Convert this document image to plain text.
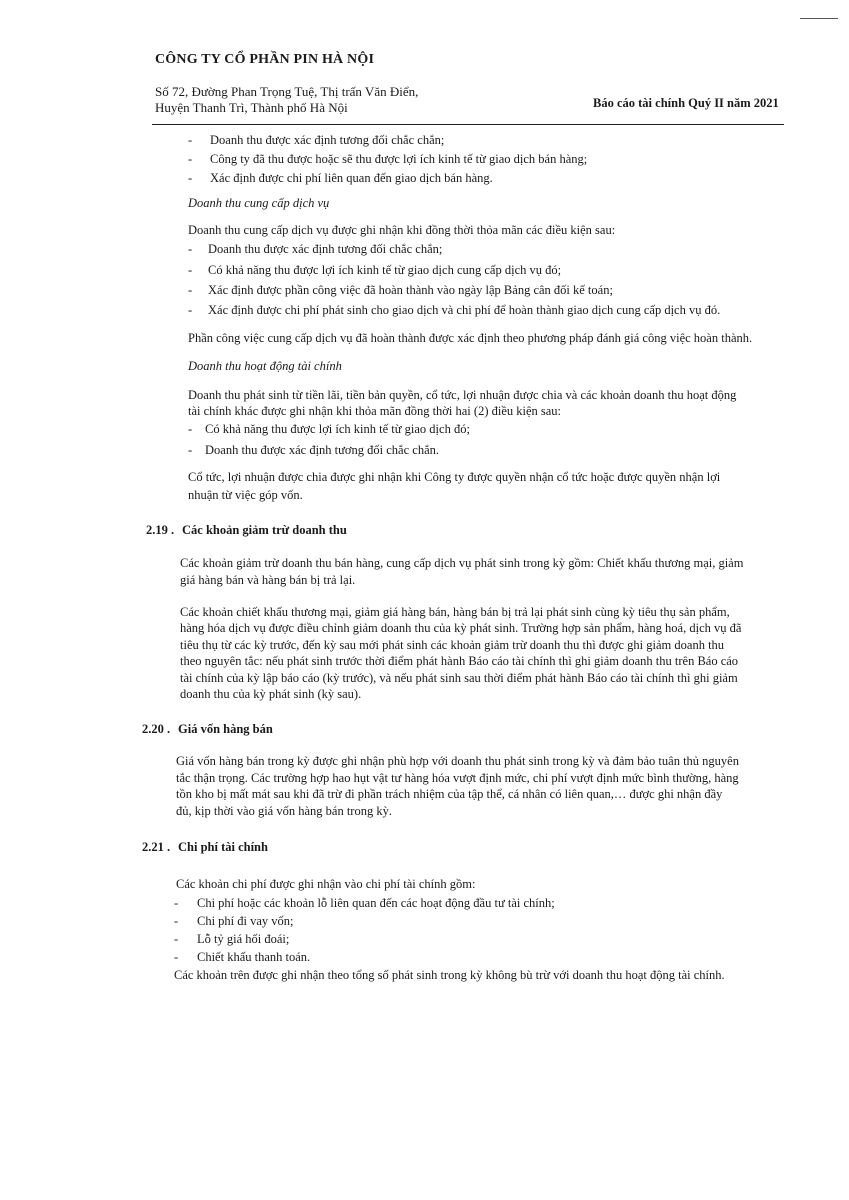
CÔNG TY CỔ PHẦN PIN HÀ NỘI
Số 72, Đường Phan Trọng Tuệ, Thị trấn Văn Điển,
Huyện Thanh Trì, Thành phố Hà Nội	Báo cáo tài chính Quý II năm 2021
- Doanh thu được xác định tương đối chắc chắn;
- Công ty đã thu được hoặc sẽ thu được lợi ích kinh tế từ giao dịch bán hàng;
- Xác định được chi phí liên quan đến giao dịch bán hàng.
Doanh thu cung cấp dịch vụ
Doanh thu cung cấp dịch vụ được ghi nhận khi đồng thời thỏa mãn các điều kiện sau:
- Doanh thu được xác định tương đối chắc chắn;
- Có khả năng thu được lợi ích kinh tế từ giao dịch cung cấp dịch vụ đó;
- Xác định được phần công việc đã hoàn thành vào ngày lập Bảng cân đối kế toán;
- Xác định được chi phí phát sinh cho giao dịch và chi phí để hoàn thành giao dịch cung cấp dịch vụ đó.
Phần công việc cung cấp dịch vụ đã hoàn thành được xác định theo phương pháp đánh giá công việc hoàn thành.
Doanh thu hoạt động tài chính
Doanh thu phát sinh từ tiền lãi, tiền bản quyền, cổ tức, lợi nhuận được chia và các khoản doanh thu hoạt động
tài chính khác được ghi nhận khi thỏa mãn đồng thời hai (2) điều kiện sau:
- Có khả năng thu được lợi ích kinh tế từ giao dịch đó;
- Doanh thu được xác định tương đối chắc chắn.
Cổ tức, lợi nhuận được chia được ghi nhận khi Công ty được quyền nhận cổ tức hoặc được quyền nhận lợi
nhuận từ việc góp vốn.
2.19 . Các khoản giảm trừ doanh thu
Các khoản giảm trừ doanh thu bán hàng, cung cấp dịch vụ phát sinh trong kỳ gồm: Chiết khấu thương mại, giảm
giá hàng bán và hàng bán bị trả lại.
Các khoản chiết khấu thương mại, giảm giá hàng bán, hàng bán bị trả lại phát sinh cùng kỳ tiêu thụ sản phẩm,
hàng hóa dịch vụ được điều chỉnh giảm doanh thu của kỳ phát sinh. Trường hợp sản phẩm, hàng hoá, dịch vụ đã
tiêu thụ từ các kỳ trước, đến kỳ sau mới phát sinh các khoản giảm trừ doanh thu thì được ghi giảm doanh thu
theo nguyên tắc: nếu phát sinh trước thời điểm phát hành Báo cáo tài chính thì ghi giảm doanh thu trên Báo cáo
tài chính của kỳ lập báo cáo (kỳ trước), và nếu phát sinh sau thời điểm phát hành Báo cáo tài chính thì ghi giảm
doanh thu của kỳ phát sinh (kỳ sau).
2.20 . Giá vốn hàng bán
Giá vốn hàng bán trong kỳ được ghi nhận phù hợp với doanh thu phát sinh trong kỳ và đảm bảo tuân thủ nguyên
tắc thận trọng. Các trường hợp hao hụt vật tư hàng hóa vượt định mức, chi phí vượt định mức bình thường, hàng
tồn kho bị mất mát sau khi đã trừ đi phần trách nhiệm của tập thể, cá nhân có liên quan,… được ghi nhận đầy
đủ, kịp thời vào giá vốn hàng bán trong kỳ.
2.21 . Chi phí tài chính
Các khoản chi phí được ghi nhận vào chi phí tài chính gồm:
- Chi phí hoặc các khoản lỗ liên quan đến các hoạt động đầu tư tài chính;
- Chi phí đi vay vốn;
- Lỗ tỷ giá hối đoái;
- Chiết khấu thanh toán.
Các khoản trên được ghi nhận theo tổng số phát sinh trong kỳ không bù trừ với doanh thu hoạt động tài chính.
